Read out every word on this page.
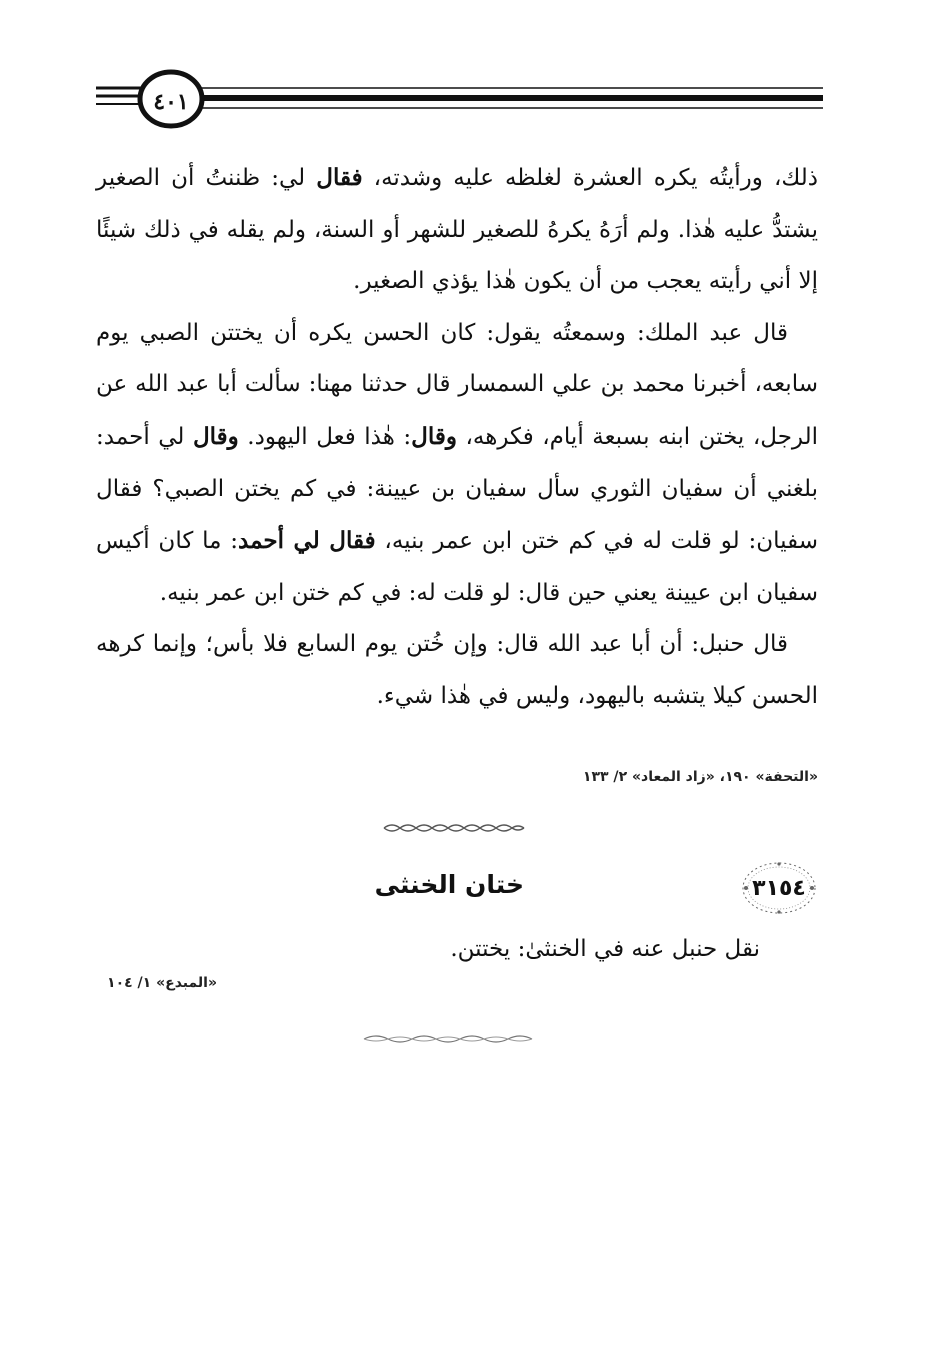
٤٠١

ذلك، ورأيتُه يكره العشرة لغلظه عليه وشدته، فقال لي: ظننتُ أن الصغير يشتدُّ عليه هٰذا. ولم أرَهُ يكرهُ للصغير للشهر أو السنة، ولم يقله في ذلك شيئًا إلا أني رأيته يعجب من أن يكون هٰذا يؤذي الصغير.

قال عبد الملك: وسمعتُه يقول: كان الحسن يكره أن يختتن الصبي يوم سابعه، أخبرنا محمد بن علي السمسار قال حدثنا مهنا: سألت أبا عبد الله عن الرجل، يختن ابنه بسبعة أيام، فكرهه، وقال: هٰذا فعل اليهود. وقال لي أحمد: بلغني أن سفيان الثوري سأل سفيان بن عيينة: في كم يختن الصبي؟ فقال سفيان: لو قلت له في كم ختن ابن عمر بنيه، فقال لي أحمد: ما كان أكيس سفيان ابن عيينة يعني حين قال: لو قلت له: في كم ختن ابن عمر بنيه.

قال حنبل: أن أبا عبد الله قال: وإن خُتن يوم السابع فلا بأس؛ وإنما كرهه الحسن كيلا يتشبه باليهود، وليس في هٰذا شيء.

«التحفة» ١٩٠، «زاد المعاد» ٢/ ١٣٣
٣١٥٤
ختان الخنثى

نقل حنبل عنه في الخنثىٰ: يختتن.

«المبدع» ١/ ١٠٤
